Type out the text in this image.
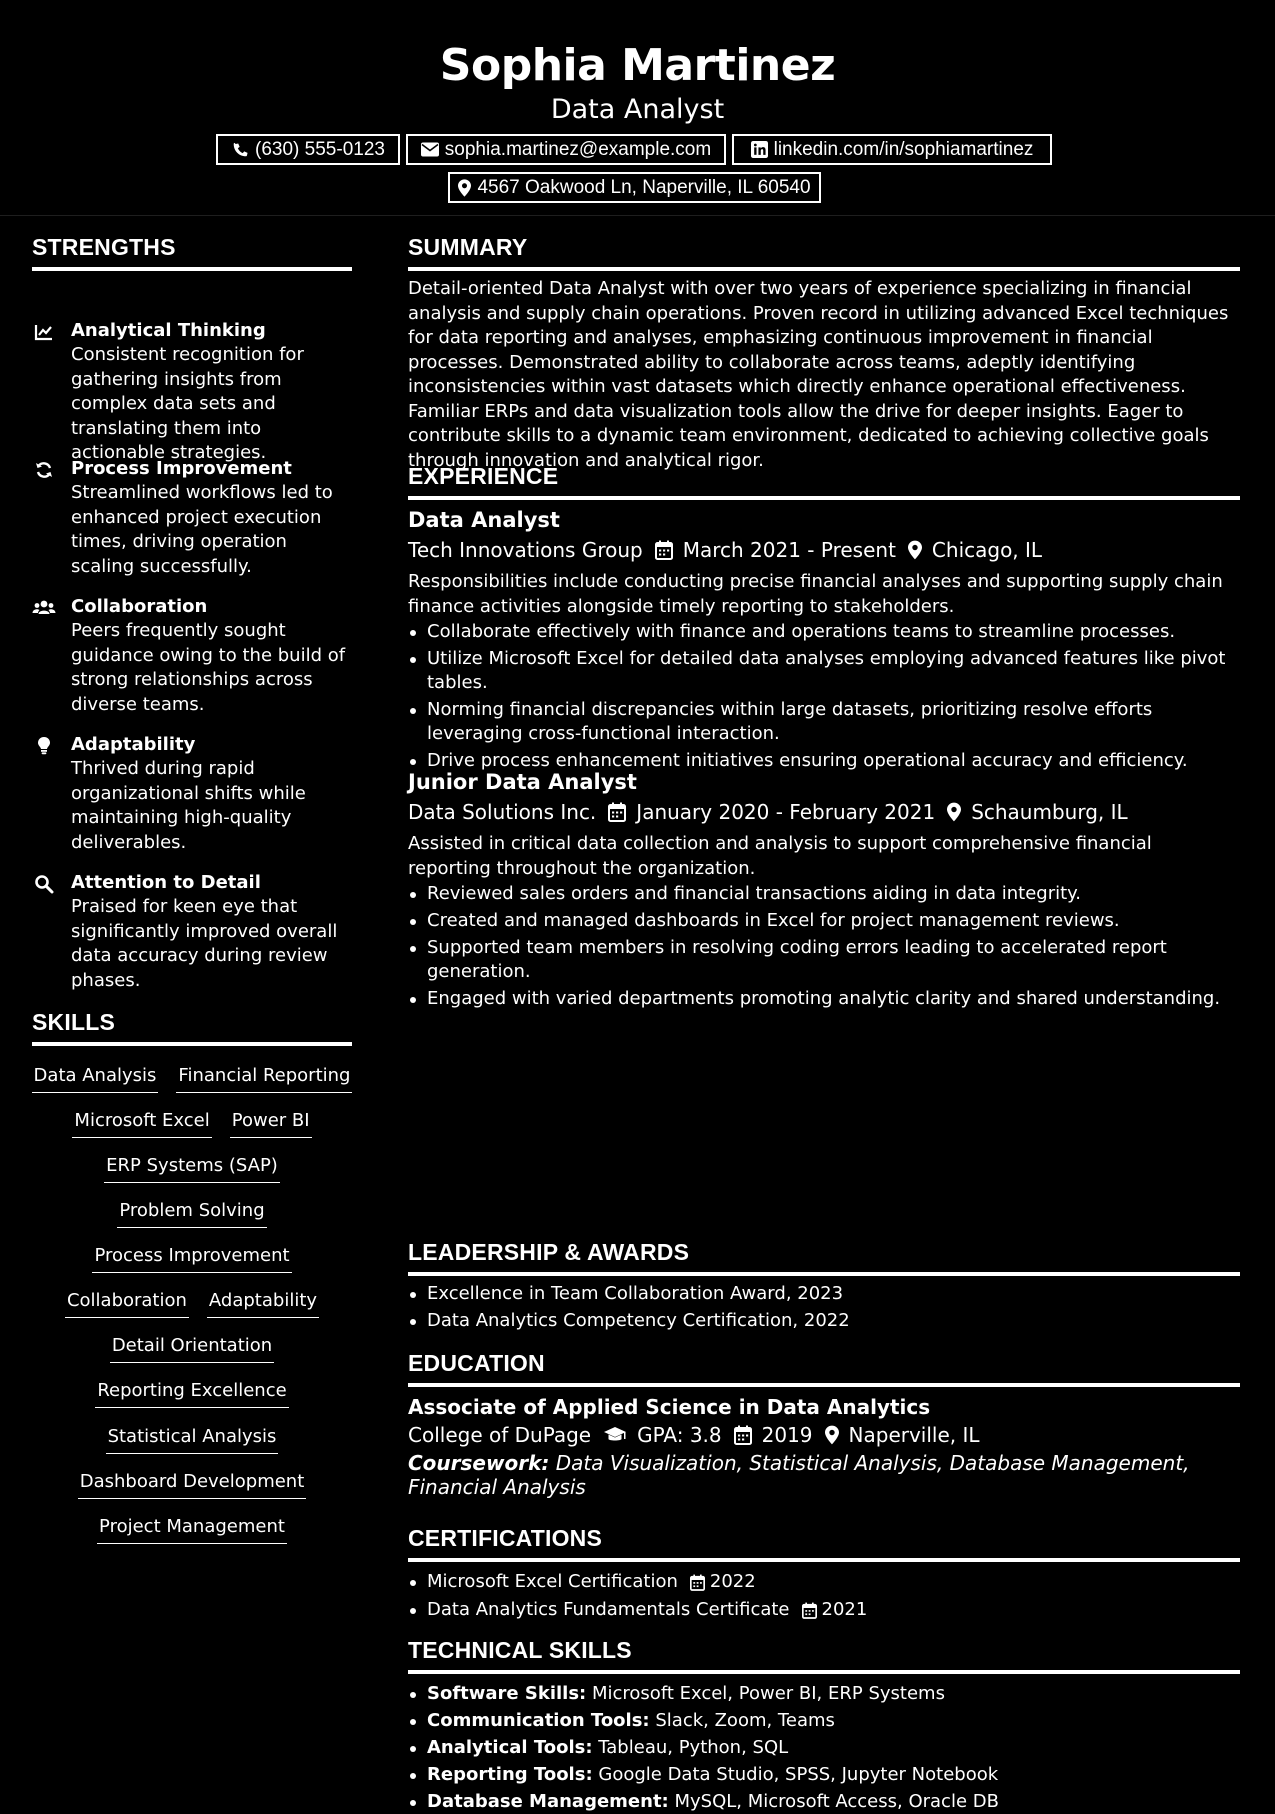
Sophia Martinez
Data Analyst
(630) 555-0123	sophia.martinez@example.com	linkedin.com/in/sophiamartinez
4567 Oakwood Ln, Naperville, IL 60540
STRENGTHS
Analytical Thinking
Consistent recognition for gathering insights from complex data sets and translating them into actionable strategies.
Process Improvement
Streamlined workflows led to enhanced project execution times, driving operation scaling successfully.
Collaboration
Peers frequently sought guidance owing to the build of strong relationships across diverse teams.
Adaptability
Thrived during rapid organizational shifts while maintaining high-quality deliverables.
Attention to Detail
Praised for keen eye that significantly improved overall data accuracy during review phases.
SKILLS
Data Analysis Financial Reporting
Microsoft Excel Power BI
ERP Systems (SAP)
Problem Solving
Process Improvement
Collaboration Adaptability
Detail Orientation
Reporting Excellence
Statistical Analysis
Dashboard Development
Project Management
SUMMARY
Detail-oriented Data Analyst with over two years of experience specializing in financial analysis and supply chain operations. Proven record in utilizing advanced Excel techniques for data reporting and analyses, emphasizing continuous improvement in financial processes. Demonstrated ability to collaborate across teams, adeptly identifying inconsistencies within vast datasets which directly enhance operational effectiveness. Familiar ERPs and data visualization tools allow the drive for deeper insights. Eager to contribute skills to a dynamic team environment, dedicated to achieving collective goals through innovation and analytical rigor.
EXPERIENCE
Data Analyst
Tech Innovations Group March 2021 - Present Chicago, IL
Responsibilities include conducting precise financial analyses and supporting supply chain finance activities alongside timely reporting to stakeholders.
Collaborate effectively with finance and operations teams to streamline processes.
Utilize Microsoft Excel for detailed data analyses employing advanced features like pivot tables.
Norming financial discrepancies within large datasets, prioritizing resolve efforts leveraging cross-functional interaction.
Drive process enhancement initiatives ensuring operational accuracy and efficiency.
Junior Data Analyst
Data Solutions Inc. January 2020 - February 2021 Schaumburg, IL
Assisted in critical data collection and analysis to support comprehensive financial reporting throughout the organization.
Reviewed sales orders and financial transactions aiding in data integrity.
Created and managed dashboards in Excel for project management reviews.
Supported team members in resolving coding errors leading to accelerated report generation.
Engaged with varied departments promoting analytic clarity and shared understanding.
LEADERSHIP & AWARDS
Excellence in Team Collaboration Award, 2023
Data Analytics Competency Certification, 2022
EDUCATION
Associate of Applied Science in Data Analytics
College of DuPage GPA: 3.8 2019 Naperville, IL
Coursework: Data Visualization, Statistical Analysis, Database Management, Financial Analysis
CERTIFICATIONS
Microsoft Excel Certification 2022
Data Analytics Fundamentals Certificate 2021
TECHNICAL SKILLS
Software Skills: Microsoft Excel, Power BI, ERP Systems
Communication Tools: Slack, Zoom, Teams
Analytical Tools: Tableau, Python, SQL
Reporting Tools: Google Data Studio, SPSS, Jupyter Notebook
Database Management: MySQL, Microsoft Access, Oracle DB
